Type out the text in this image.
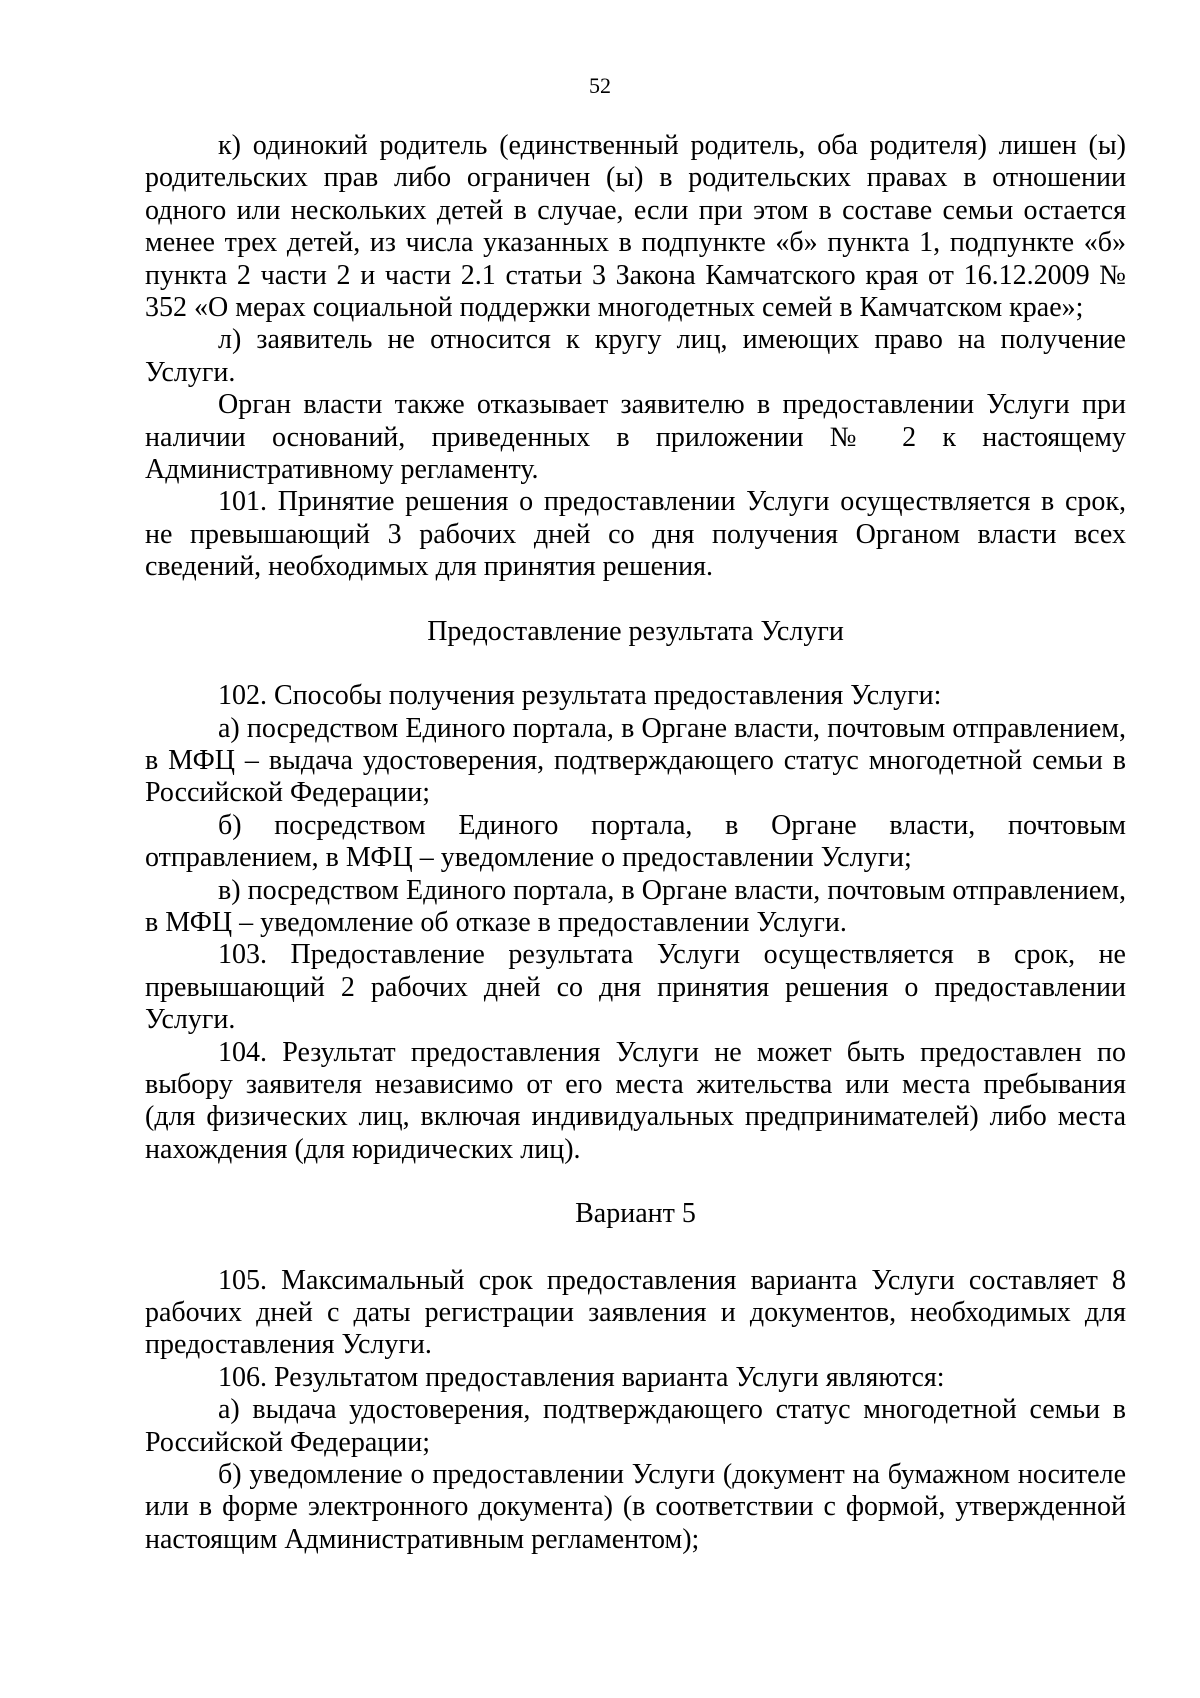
52

к) одинокий родитель (единственный родитель, оба родителя) лишен (ы) родительских прав либо ограничен (ы) в родительских правах в отношении одного или нескольких детей в случае, если при этом в составе семьи остается менее трех детей, из числа указанных в подпункте «б» пункта 1, подпункте «б» пункта 2 части 2 и части 2.1 статьи 3 Закона Камчатского края от 16.12.2009 № 352 «О мерах социальной поддержки многодетных семей в Камчатском крае»;

л) заявитель не относится к кругу лиц, имеющих право на получение Услуги.

Орган власти также отказывает заявителю в предоставлении Услуги при наличии оснований, приведенных в приложении № 2 к настоящему Административному регламенту.

101. Принятие решения о предоставлении Услуги осуществляется в срок, не превышающий 3 рабочих дней со дня получения Органом власти всех сведений, необходимых для принятия решения.

Предоставление результата Услуги

102. Способы получения результата предоставления Услуги:

а) посредством Единого портала, в Органе власти, почтовым отправлением, в МФЦ – выдача удостоверения, подтверждающего статус многодетной семьи в Российской Федерации;

б) посредством Единого портала, в Органе власти, почтовым отправлением, в МФЦ – уведомление о предоставлении Услуги;

в) посредством Единого портала, в Органе власти, почтовым отправлением, в МФЦ – уведомление об отказе в предоставлении Услуги.

103. Предоставление результата Услуги осуществляется в срок, не превышающий 2 рабочих дней со дня принятия решения о предоставлении Услуги.

104. Результат предоставления Услуги не может быть предоставлен по выбору заявителя независимо от его места жительства или места пребывания (для физических лиц, включая индивидуальных предпринимателей) либо места нахождения (для юридических лиц).

Вариант 5

105. Максимальный срок предоставления варианта Услуги составляет 8 рабочих дней с даты регистрации заявления и документов, необходимых для предоставления Услуги.

106. Результатом предоставления варианта Услуги являются:

а) выдача удостоверения, подтверждающего статус многодетной семьи в Российской Федерации;

б) уведомление о предоставлении Услуги (документ на бумажном носителе или в форме электронного документа) (в соответствии с формой, утвержденной настоящим Административным регламентом);
